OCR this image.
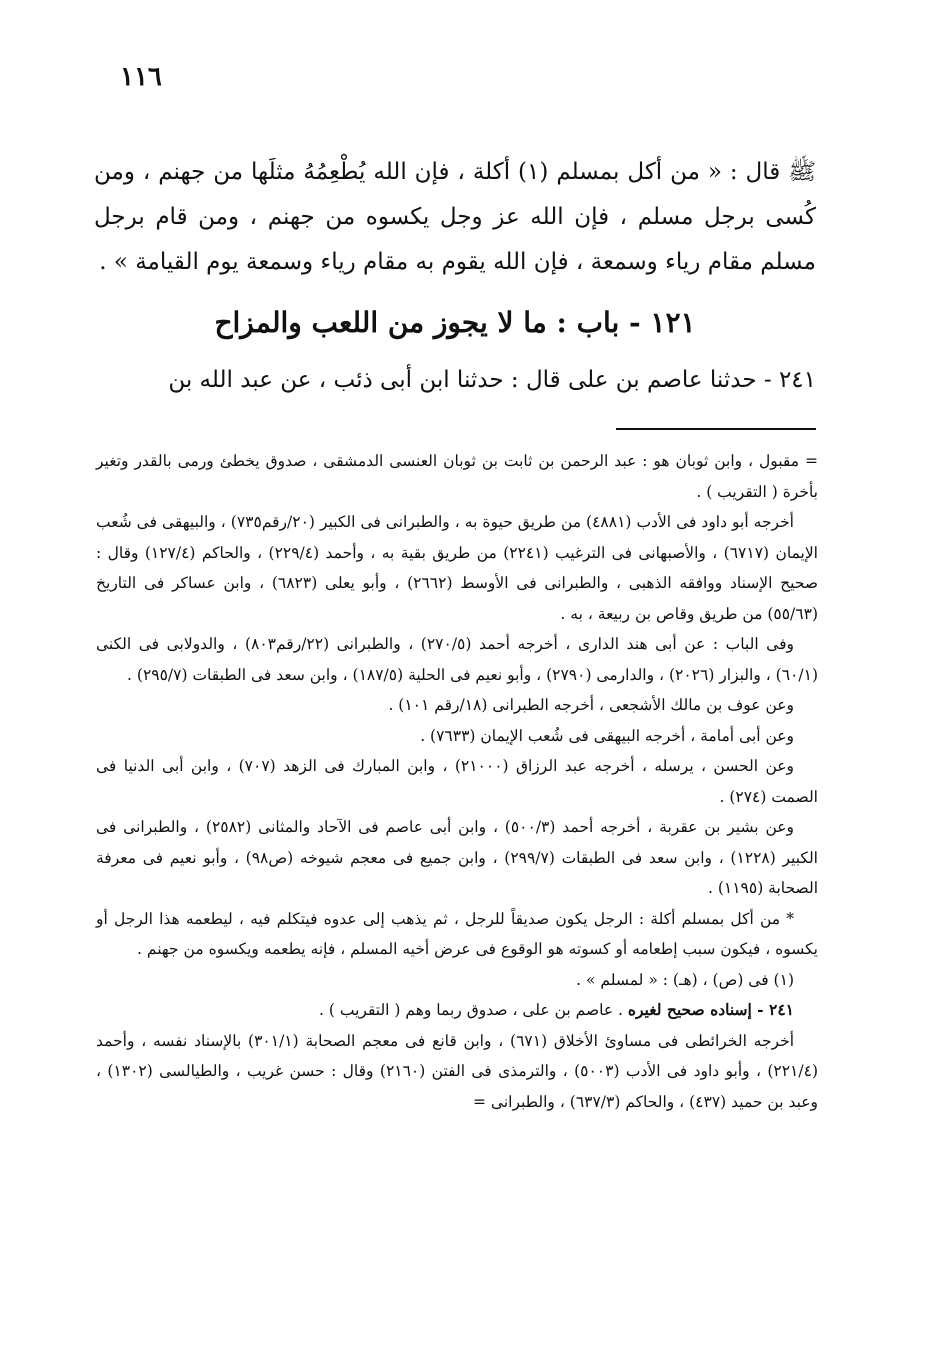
١١٦
ﷺ قال : « من أكل بمسلم (١) أكلة ، فإن الله يُطْعِمُهُ مثلَها من جهنم ، ومن كُسى برجل مسلم ، فإن الله عز وجل يكسوه من جهنم ، ومن قام برجل مسلم مقام رياء وسمعة ، فإن الله يقوم به مقام رياء وسمعة يوم القيامة » .
١٢١ - باب : ما لا يجوز من اللعب والمزاح
٢٤١ - حدثنا عاصم بن على قال : حدثنا ابن أبى ذئب ، عن عبد الله بن

= مقبول ، وابن ثوبان هو : عبد الرحمن بن ثابت بن ثوبان العنسى الدمشقى ، صدوق يخطئ ورمى بالقدر وتغير بأخرة ( التقريب ) .

أخرجه أبو داود فى الأدب (٤٨٨١) من طريق حيوة به ، والطبرانى فى الكبير (٢٠/رقم٧٣٥) ، والبيهقى فى شُعب الإيمان (٦٧١٧) ، والأصبهانى فى الترغيب (٢٢٤١) من طريق بقية به ، وأحمد (٢٢٩/٤) ، والحاكم (١٢٧/٤) وقال : صحيح الإسناد ووافقه الذهبى ، والطبرانى فى الأوسط (٢٦٦٢) ، وأبو يعلى (٦٨٢٣) ، وابن عساكر فى التاريخ (٥٥/٦٣) من طريق وقاص بن ربيعة ، به .

وفى الباب : عن أبى هند الدارى ، أخرجه أحمد (٢٧٠/٥) ، والطبرانى (٢٢/رقم٨٠٣) ، والدولابى فى الكنى (٦٠/١) ، والبزار (٢٠٢٦) ، والدارمى (٢٧٩٠) ، وأبو نعيم فى الحلية (١٨٧/٥) ، وابن سعد فى الطبقات (٢٩٥/٧) .

وعن عوف بن مالك الأشجعى ، أخرجه الطبرانى (١٨/رقم ١٠١) .

وعن أبى أمامة ، أخرجه البيهقى فى شُعب الإيمان (٧٦٣٣) .

وعن الحسن ، يرسله ، أخرجه عبد الرزاق (٢١٠٠٠) ، وابن المبارك فى الزهد (٧٠٧) ، وابن أبى الدنيا فى الصمت (٢٧٤) .

وعن بشير بن عقربة ، أخرجه أحمد (٥٠٠/٣) ، وابن أبى عاصم فى الآحاد والمثانى (٢٥٨٢) ، والطبرانى فى الكبير (١٢٢٨) ، وابن سعد فى الطبقات (٢٩٩/٧) ، وابن جميع فى معجم شيوخه (ص٩٨) ، وأبو نعيم فى معرفة الصحابة (١١٩٥) .

* من أكل بمسلم أكلة : الرجل يكون صديقاً للرجل ، ثم يذهب إلى عدوه فيتكلم فيه ، ليطعمه هذا الرجل أو يكسوه ، فيكون سبب إطعامه أو كسوته هو الوقوع فى عرض أخيه المسلم ، فإنه يطعمه ويكسوه من جهنم .

(١) فى (ص) ، (هـ) : « لمسلم » .

٢٤١ - إسناده صحيح لغيره . عاصم بن على ، صدوق ربما وهم ( التقريب ) .

أخرجه الخرائطى فى مساوئ الأخلاق (٦٧١) ، وابن قانع فى معجم الصحابة (٣٠١/١) بالإسناد نفسه ، وأحمد (٢٢١/٤) ، وأبو داود فى الأدب (٥٠٠٣) ، والترمذى فى الفتن (٢١٦٠) وقال : حسن غريب ، والطيالسى (١٣٠٢) ، وعبد بن حميد (٤٣٧) ، والحاكم (٦٣٧/٣) ، والطبرانى =
